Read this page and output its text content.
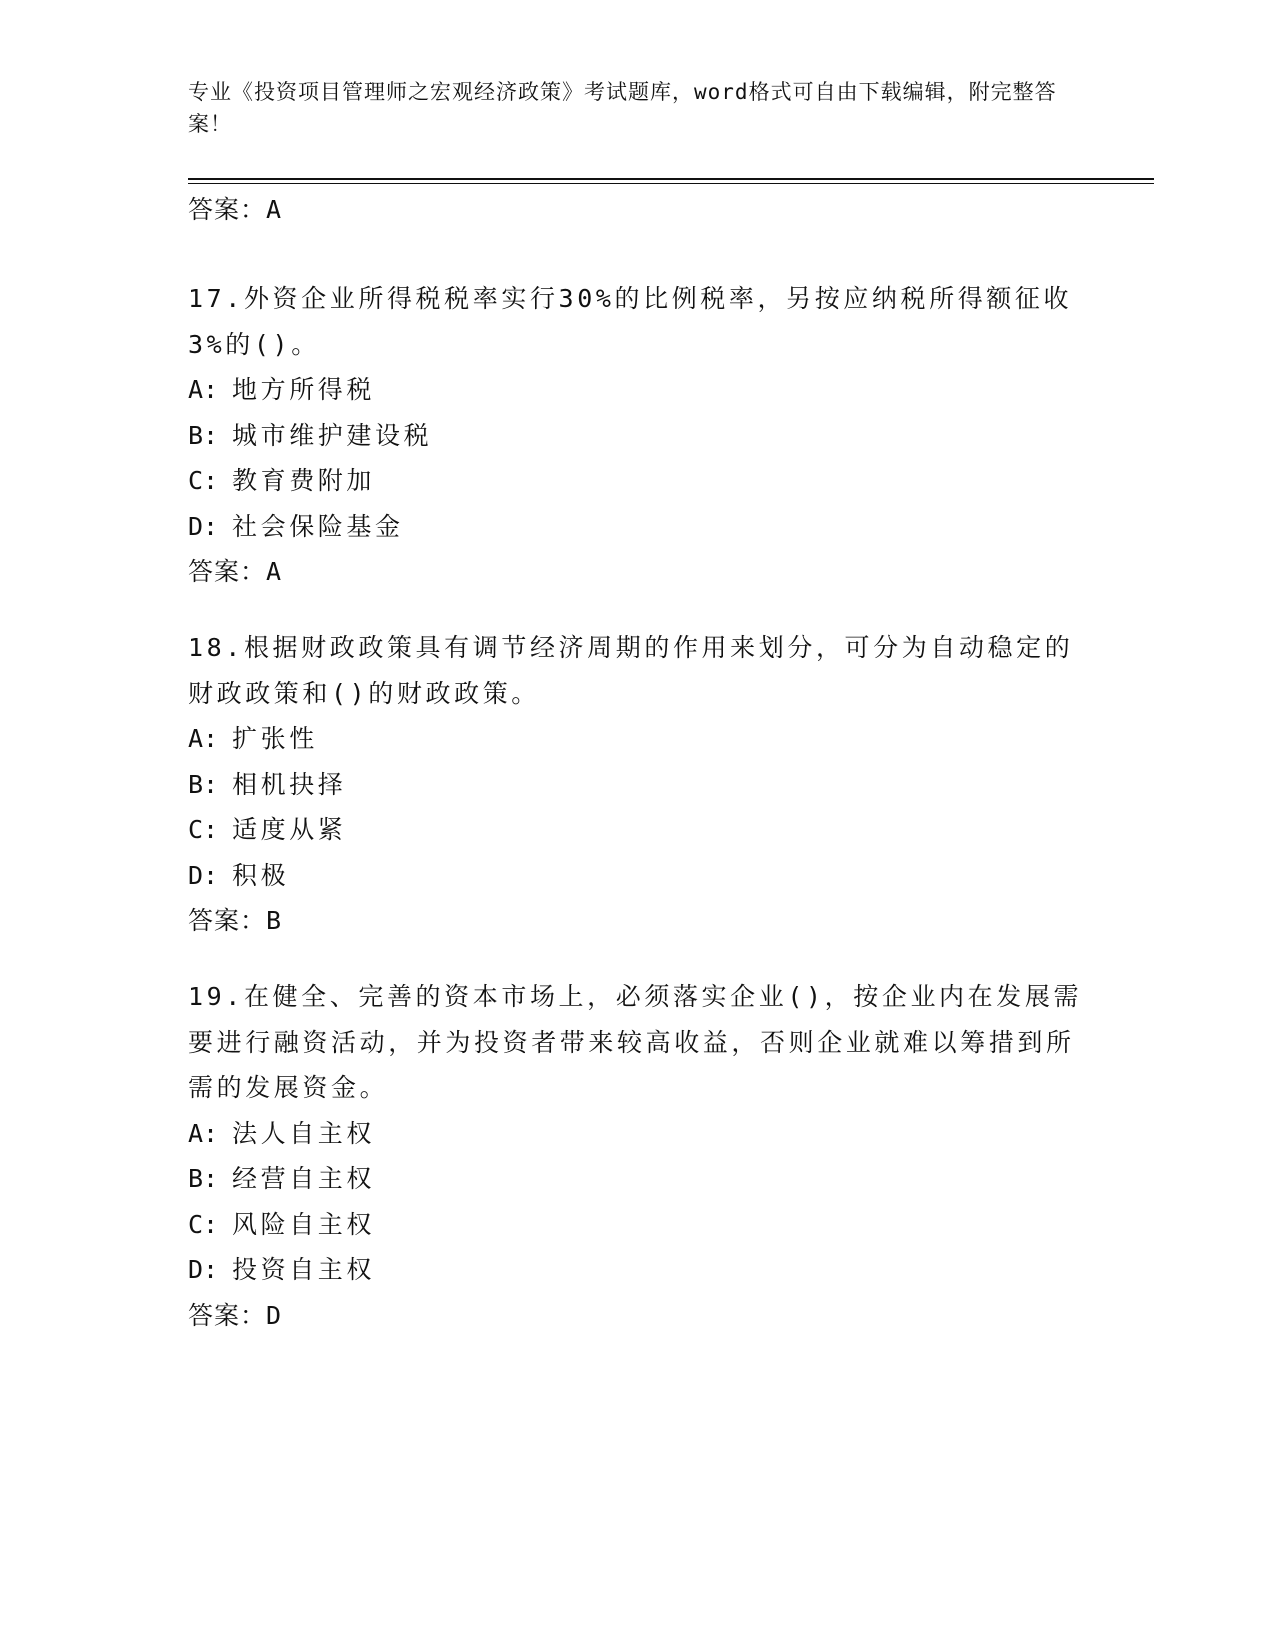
专业《投资项目管理师之宏观经济政策》考试题库，word格式可自由下载编辑，附完整答案！
答案：A

17.外资企业所得税税率实行30%的比例税率，另按应纳税所得额征收3%的()。

A: 地方所得税
B: 城市维护建设税
C: 教育费附加
D: 社会保险基金
答案：A

18.根据财政政策具有调节经济周期的作用来划分，可分为自动稳定的财政政策和()的财政政策。

A: 扩张性
B: 相机抉择
C: 适度从紧
D: 积极
答案：B

19.在健全、完善的资本市场上，必须落实企业()，按企业内在发展需要进行融资活动，并为投资者带来较高收益，否则企业就难以筹措到所需的发展资金。

A: 法人自主权
B: 经营自主权
C: 风险自主权
D: 投资自主权
答案：D
